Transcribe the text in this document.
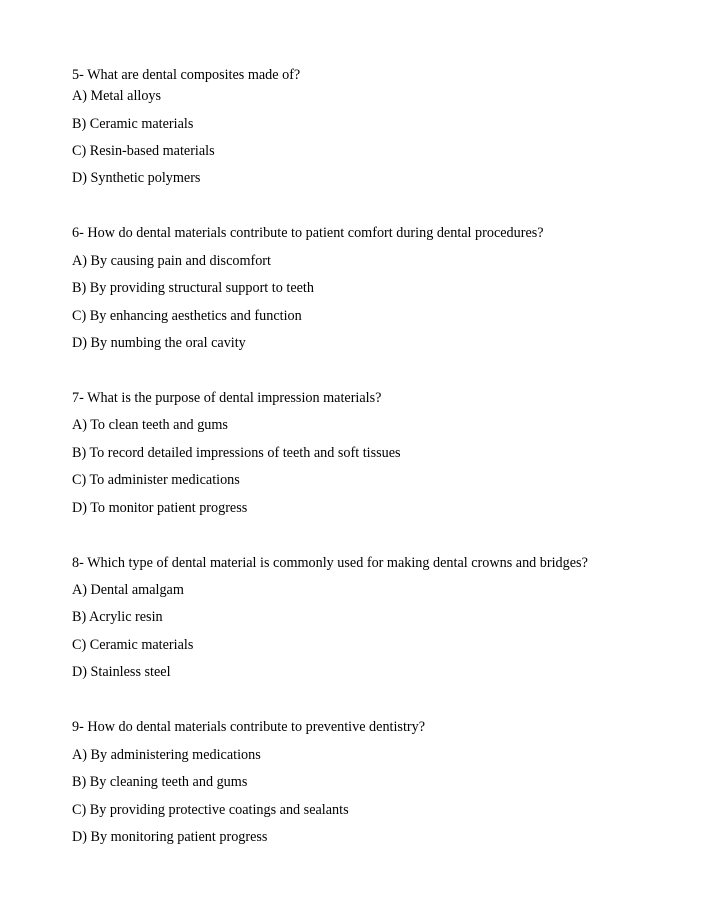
5- What are dental composites made of?
A) Metal alloys
B) Ceramic materials
C) Resin-based materials
D) Synthetic polymers
6- How do dental materials contribute to patient comfort during dental procedures?
A) By causing pain and discomfort
B) By providing structural support to teeth
C) By enhancing aesthetics and function
D) By numbing the oral cavity
7- What is the purpose of dental impression materials?
A) To clean teeth and gums
B) To record detailed impressions of teeth and soft tissues
C) To administer medications
D) To monitor patient progress
8- Which type of dental material is commonly used for making dental crowns and bridges?
A) Dental amalgam
B) Acrylic resin
C) Ceramic materials
D) Stainless steel
9- How do dental materials contribute to preventive dentistry?
A) By administering medications
B) By cleaning teeth and gums
C) By providing protective coatings and sealants
D) By monitoring patient progress
